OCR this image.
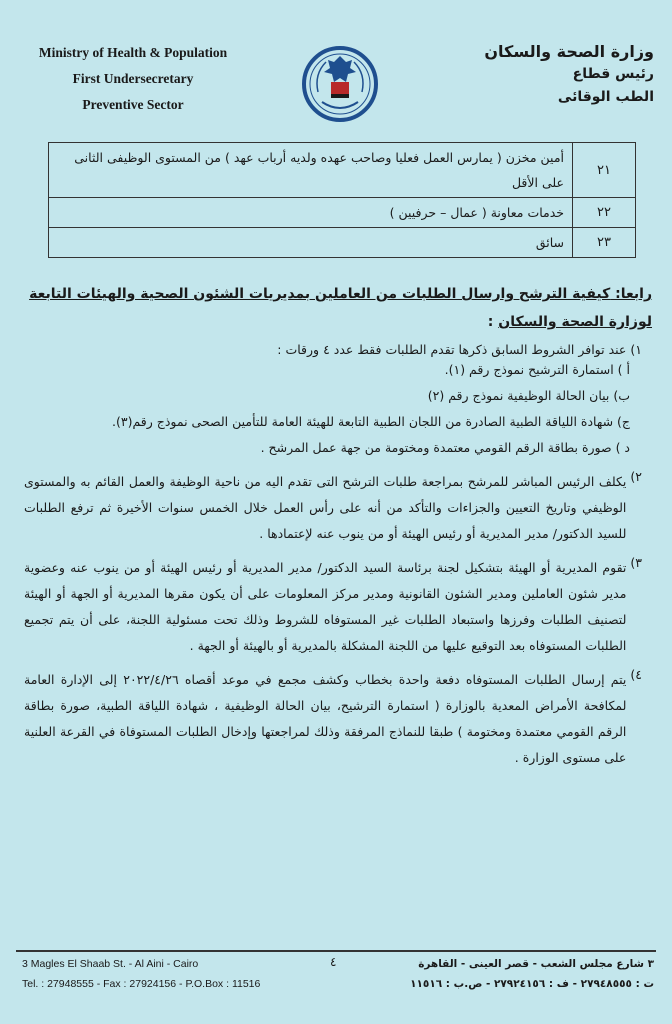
Ministry of Health & Population
First Undersecretary
Preventive Sector
وزارة الصحة والسكان
رئيس قطاع
الطب الوقائى
٢١	أمين مخزن ( يمارس العمل فعليا وصاحب عهده ولديه أرباب عهد ) من المستوى الوظيفى الثانى على الأقل
٢٢	خدمات معاونة ( عمال – حرفيين )
٢٣	سائق

رابعا: كيفية الترشح وارسال الطلبات من العاملين بمديريات الشئون الصحية والهيئات التابعة لوزارة الصحة والسكان :

١)
عند توافر الشروط السابق ذكرها تقدم الطلبات فقط عدد ٤ ورقات :

أ ) استمارة الترشيح نموذج رقم (١).

ب) بيان الحالة الوظيفية نموذج رقم (٢)

ج) شهادة اللياقة الطبية الصادرة من اللجان الطبية التابعة للهيئة العامة للتأمين الصحى نموذج رقم(٣).

د ) صورة بطاقة الرقم القومي معتمدة ومختومة من جهة عمل المرشح .

٢)
يكلف الرئيس المباشر للمرشح بمراجعة طلبات الترشح التى تقدم اليه من ناحية الوظيفة والعمل القائم به والمستوى الوظيفي وتاريخ التعيين والجزاءات والتأكد من أنه على رأس العمل خلال الخمس سنوات الأخيرة ثم ترفع الطلبات للسيد الدكتور/ مدير المديرية أو رئيس الهيئة أو من ينوب عنه لإعتمادها .
٣)
تقوم المديرية أو الهيئة بتشكيل لجنة برئاسة السيد الدكتور/ مدير المديرية أو رئيس الهيئة أو من ينوب عنه وعضوية مدير شئون العاملين ومدير الشئون القانونية ومدير مركز المعلومات على أن يكون مقرها المديرية أو الجهة أو الهيئة لتصنيف الطلبات وفرزها واستبعاد الطلبات غير المستوفاه للشروط وذلك تحت مسئولية اللجنة، على أن يتم تجميع الطلبات المستوفاه بعد التوقيع عليها من اللجنة المشكلة بالمديرية أو بالهيئة أو الجهة .
٤)
يتم إرسال الطلبات المستوفاه دفعة واحدة بخطاب وكشف مجمع في موعد أقصاه ٢٠٢٢/٤/٢٦ إلى الإدارة العامة لمكافحة الأمراض المعدية بالوزارة ( استمارة الترشيح، بيان الحالة الوظيفية ، شهادة اللياقة الطبية، صورة بطاقة الرقم القومي معتمدة ومختومة ) طبقا للنماذج المرفقة وذلك لمراجعتها وإدخال الطلبات المستوفاة في القرعة العلنية على مستوى الوزارة .
3 Magles El Shaab St. - Al Aini - Cairo
Tel. : 27948555 - Fax : 27924156 - P.O.Box : 11516
٤	٣ شارع مجلس الشعب - قصر العينى - القاهرة
ت : ٢٧٩٤٨٥٥٥ - ف : ٢٧٩٢٤١٥٦ - ص.ب : ١١٥١٦
